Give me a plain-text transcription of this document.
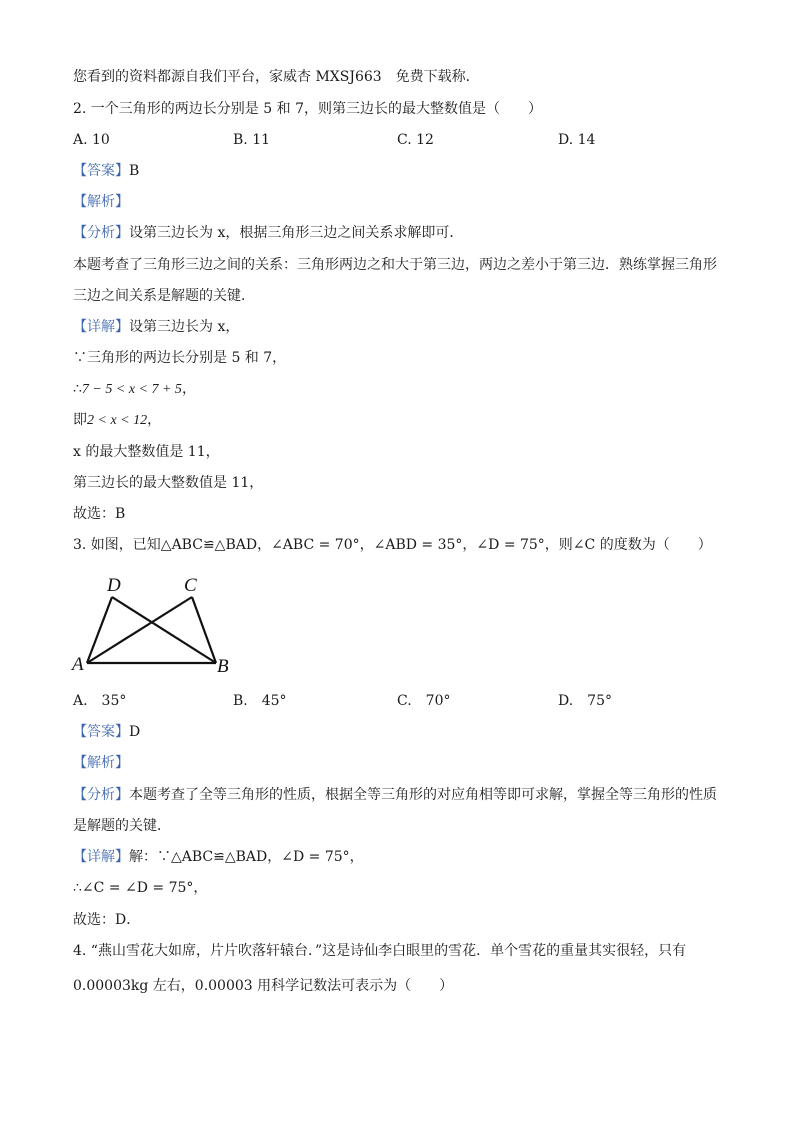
您看到的资料都源自我们平台，家威杏 MXSJ663　免费下载称．
2. 一个三角形的两边长分别是 5 和 7，则第三边长的最大整数值是（　　）
A. 10	B. 11	C. 12	D. 14
【答案】B
【解析】
【分析】设第三边长为 x，根据三角形三边之间关系求解即可．
本题考查了三角形三边之间的关系：三角形两边之和大于第三边，两边之差小于第三边．熟练掌握三角形
三边之间关系是解题的关键．
【详解】设第三边长为 x，
∵三角形的两边长分别是 5 和 7，
∴7 − 5 < x < 7 + 5，
即2 < x < 12，
x 的最大整数值是 11，
第三边长的最大整数值是 11，
故选：B
3. 如图，已知△ABC≌△BAD，∠ABC = 70°，∠ABD = 35°，∠D = 75°，则∠C 的度数为（　　）
D	C
A	B
A.　35°	B.　45°	C.　70°	D.　75°
【答案】D
【解析】
【分析】本题考查了全等三角形的性质，根据全等三角形的对应角相等即可求解，掌握全等三角形的性质
是解题的关键．
【详解】解：∵△ABC≌△BAD，∠D = 75°，
∴∠C = ∠D = 75°，
故选：D．
4. “燕山雪花大如席，片片吹落轩辕台．”这是诗仙李白眼里的雪花．单个雪花的重量其实很轻，只有
0.00003kg 左右，0.00003 用科学记数法可表示为（　　）
